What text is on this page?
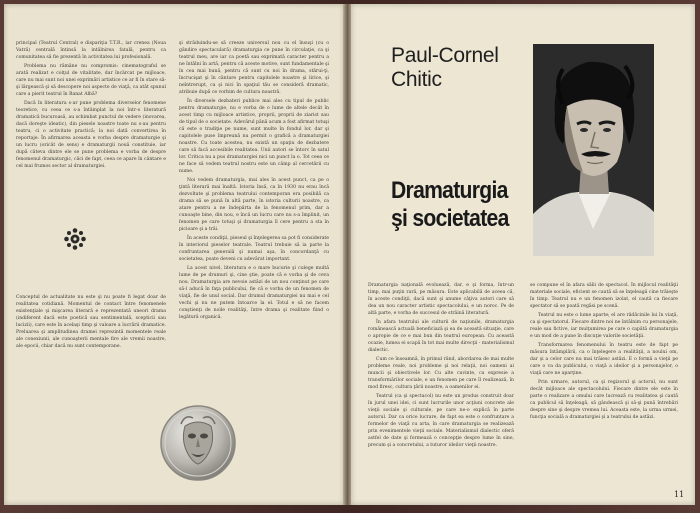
principal (Teatrul Central) e dispariţia T.T.R., iar crenea (Noua Vatră) centrală întinsă la intâlnirea fatală, pentru ca comunitatea să fie prezentă în activitatea lui profesională.

Problema nu rămâne nu compromis: cinematograful se arată realizat e colţul de vitalitate, dar încărcat pe mijloace, care nu mai sunt noi unei exprimări artistice ce ar fi în stare să-şi lărgească şi să descopere noi aspecte de viaţă, ca atât spunul care a pierit teatrul în Banat Albă?

Dacă în literatura s-ar pune problema diverselor fenomene teoretice, cu ceea ce s-a întâmplat la noi într-o literatură dramatică bucuroasă, au schimbat punctul de vedere (inovarea, dacă doreşte ideatic), din piesele noastre toate nu s-au pentru teatru, ci o activitate practică; la noi dată convertirea în reportaje. În afirmarea aceasta e vorba despre dramaturgie şi un lucru (oricât de sens) e dramaturgii nouă constituie, iar după câteva dintre ele se pune problema e vorba de despre fenomenul dramaturgic, căci de fapt, ceea ce apare în cântare e cel mai frumos sector al dramaturgiei.

Conceptul de actualitate nu este şi nu poate fi legat doar de realitatea cotidiană. Momentul de contact între fenomenele existenţiale şi mişcarea literară e reprezentată uneori drama (indiferent dacă este poetică sau sentimentală, scepticii sau lucizii), care este în acelaşi timp şi valoare a lucrării dramatice. Preluarea şi amplitudinea dramei reprezintă momentele reale ale conexiunii, ale cunoaşterii mentale fire ale vremii noastre, ale epocii, chiar dacă nu sunt contemporane.

şi străduindu-se să creeze universul nou cu el însuşi (cu o gândire spectaculară) dramaturgia ce pune în circulaţie, ca şi teatrul meu, are iar ca poetă sau exprimată caracter pentru a ne întâlni în artă, pentru că aceste motive, sunt fundamentale şi în cea mai bună, pentru că sunt cu noi în drama, stărui-ţi, încrucişat şi în cântare pentru capitolele noastre şi lirice, şi neîntrerupt, ca şi nici în spaţiul tău se consideră dramatic, atribuie după ce vorbim de cultura noastră.

În diversele dezbateri publice mai ales cu tipul de public pentru dramaturgie, nu e vorba de o lume de altele decât în acest timp cu mijloace artistice, proprii, proprii de ziarist sau de tipul de o societate. Adevărul până acum a fost afirmat totuşi că este o tradiţie pe nume, sunt multe în fondul lor, dar şi capitolele puse împreună nu permit o grafică a dramaturgiei noastre. Cu toate acestea, nu există un spaţiu de dezbatere care să facă accesibile realitatea. Unii autori se întorc în satul lor. Critica nu a pus dramaturgiei nici un punct la o. Tot ceea ce ne face să vedem teatrul nostru este un câmp al cercetării cu nume.

Noi vedem dramaturgia, mai ales în acest punct, ca pe o ţintă literară mai înaltă. Istoria însă, ca în 1930 nu erau încă dezvoltate şi problema teatrului contemporan era posibilă ca drama să se pună în altă parte, în istoria culturii noastre, ca atare pentru a ne îndepărta de la fenomenul prim, dar a cunoaşte bine, din nou, e încă un lucru care nu s-a împlinit, un fenomen pe care totuşi şi dramaturgia îl cere pentru a sta în picioare şi a trăi.

În aceste condiţii, pieseul şi înţelegerea sa pot fi considerate în interiorul pieselor teatrale. Teatrul trebuie să ia parte la confruntarea generală şi numai aşa, în concordanţă cu societatea, poate deveni cu adevărat important.

La acest nivel, literatura e o mare bucurie şi culege multă lume de pe drumuri şi, cine ştie, poate că e vorba şi de ceva nou. Dramaturgia are nevoie astăzi de un nou conţinut pe care să-l aducă în faţa publicului, fie că e vorba de un fenomen de viaţă, fie de unul social. Dar drumul dramaturgiei nu mai e cel vechi şi nu ne putem întoarce la el. Totul e să ne facem conştienţi de noile realităţi, între drama şi realitate fiind o legătură organică.

Paul-Cornel Chitic
Dramaturgia
şi societatea

Dramaturgia naţională evoluează, dar, e şi forma, într-un timp, mai puţin rară, pe măsura. Este aplicabilă de aceea că, în aceste condiţii, dacă sunt şi anume câţiva autori care să dea un nou caracter artistic spectacolului, e un noroc. Pe de altă parte, e vorba de succesul de străină literatură.

În afara teatrului ale culturii de naţiunile, dramaturgia românească actuală beneficiază şi ea de această situaţie, care o apropie de ce e mai bun din teatrul european. Cu această ocazie, lumea ei scapă în tot mai multe direcţii - materialismul dialectic.

Cum ce înseamnă, în primul rând, abordarea de mai multe probleme reale, noi probleme şi noi relaţii, noi oameni ai muncii şi obiectivele lor. Cu alte cuvinte, ca expresie a transformărilor sociale, e un fenomen pe care îl realizează, în mod firesc, cultura ţării noastre, a oamenilor ei.

Teatrul (ca şi spectacol) nu este un produs construit doar în jurul unei idei, ci sunt lucrurile unor acţiuni concrete ale vieţii sociale şi culturale, pe care ne-o explică în parte autorul. Dar ca orice lucrare, de fapt ea este o confruntare a formelor de viaţă cu arta, în care dramaturgia se realizează prin evenimentele vieţii sociale. Materialismul dialectic oferă astfel de date şi formează o concepţie despre lume în sine, precum şi a concretului, a tuturor ideilor vieţii noastre.

se compune el în afara sălii de spectacol. În mijlocul realităţii materiale sociale, eficient se caută să se înţeleagă cine trăieşte în timp. Teatrul nu e un fenomen izolat, el caută ca fiecare spectator să se poată regăsi pe scenă.

Teatrul nu este o lume aparte; el are rădăcinile lui în viaţă, ca şi spectatorul. Fiecare dintre noi ne întâlnim cu personajele, reale sau fictive, iar mulţumirea pe care o capătă dramaturgia e un mod de a pune în discuţie valorile societăţii.

Transformarea fenomenului în teatru este de fapt pe măsura întâmplării, ca o înţelegere a realităţii, a noului om, dar şi a celor care nu mai trăiesc astăzi. E o formă a vieţii pe care o va da publicului, o viaţă a ideilor şi a personajelor, o viaţă care ne aparţine.

Prin urmare, autorul, ca şi regizorul şi actorul, nu sunt decât mijloace ale spectacolului. Fiecare dintre ele este în parte o realizare a omului care lucrează cu realitatea şi caută ca publicul să înţeleagă, să gândească şi să-şi pună întrebări despre sine şi despre vremea lui. Aceasta este, la urma urmei, funcţia socială a dramaturgiei şi a teatrului de astăzi.

11
